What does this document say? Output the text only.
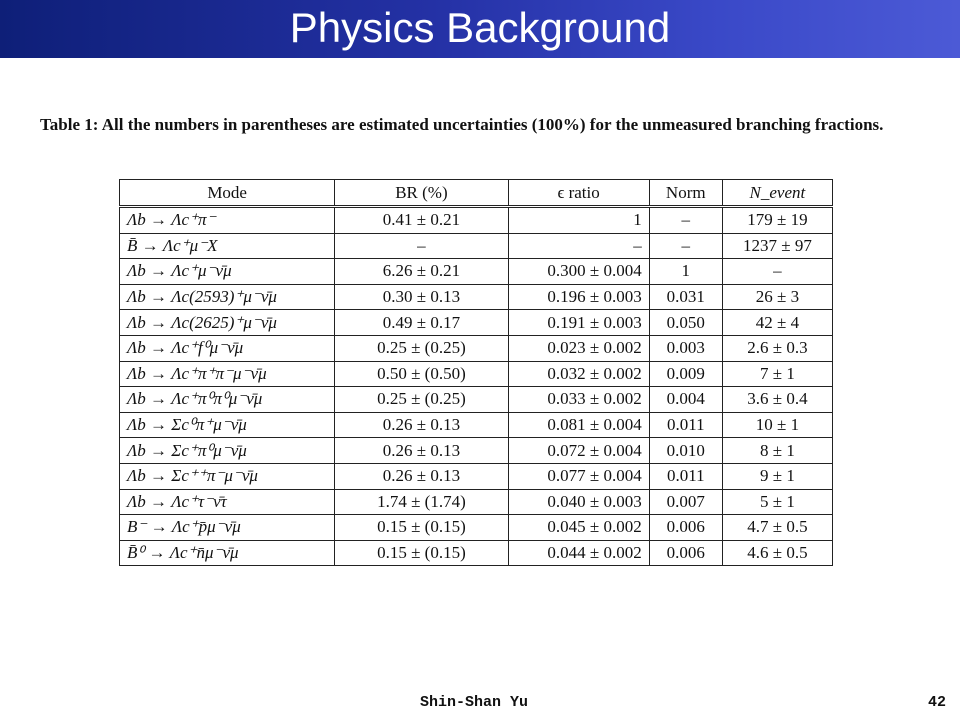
Physics Background
Table 1: All the numbers in parentheses are estimated uncertainties (100%) for the unmeasured branching fractions.
Mode	BR (%)	ϵ ratio	Norm	N_event
Λb → Λc⁺π⁻	0.41 ± 0.21	1	–	179 ± 19
B̄ → Λc⁺μ⁻X	–	–	–	1237 ± 97
Λb → Λc⁺μ⁻ν̄μ	6.26 ± 0.21	0.300 ± 0.004	1	–
Λb → Λc(2593)⁺μ⁻ν̄μ	0.30 ± 0.13	0.196 ± 0.003	0.031	26 ± 3
Λb → Λc(2625)⁺μ⁻ν̄μ	0.49 ± 0.17	0.191 ± 0.003	0.050	42 ± 4
Λb → Λc⁺f⁰μ⁻ν̄μ	0.25 ± (0.25)	0.023 ± 0.002	0.003	2.6 ± 0.3
Λb → Λc⁺π⁺π⁻μ⁻ν̄μ	0.50 ± (0.50)	0.032 ± 0.002	0.009	7 ± 1
Λb → Λc⁺π⁰π⁰μ⁻ν̄μ	0.25 ± (0.25)	0.033 ± 0.002	0.004	3.6 ± 0.4
Λb → Σc⁰π⁺μ⁻ν̄μ	0.26 ± 0.13	0.081 ± 0.004	0.011	10 ± 1
Λb → Σc⁺π⁰μ⁻ν̄μ	0.26 ± 0.13	0.072 ± 0.004	0.010	8 ± 1
Λb → Σc⁺⁺π⁻μ⁻ν̄μ	0.26 ± 0.13	0.077 ± 0.004	0.011	9 ± 1
Λb → Λc⁺τ⁻ν̄τ	1.74 ± (1.74)	0.040 ± 0.003	0.007	5 ± 1
B⁻ → Λc⁺p̄μ⁻ν̄μ	0.15 ± (0.15)	0.045 ± 0.002	0.006	4.7 ± 0.5
B̄⁰ → Λc⁺n̄μ⁻ν̄μ	0.15 ± (0.15)	0.044 ± 0.002	0.006	4.6 ± 0.5
Shin-Shan Yu	42
